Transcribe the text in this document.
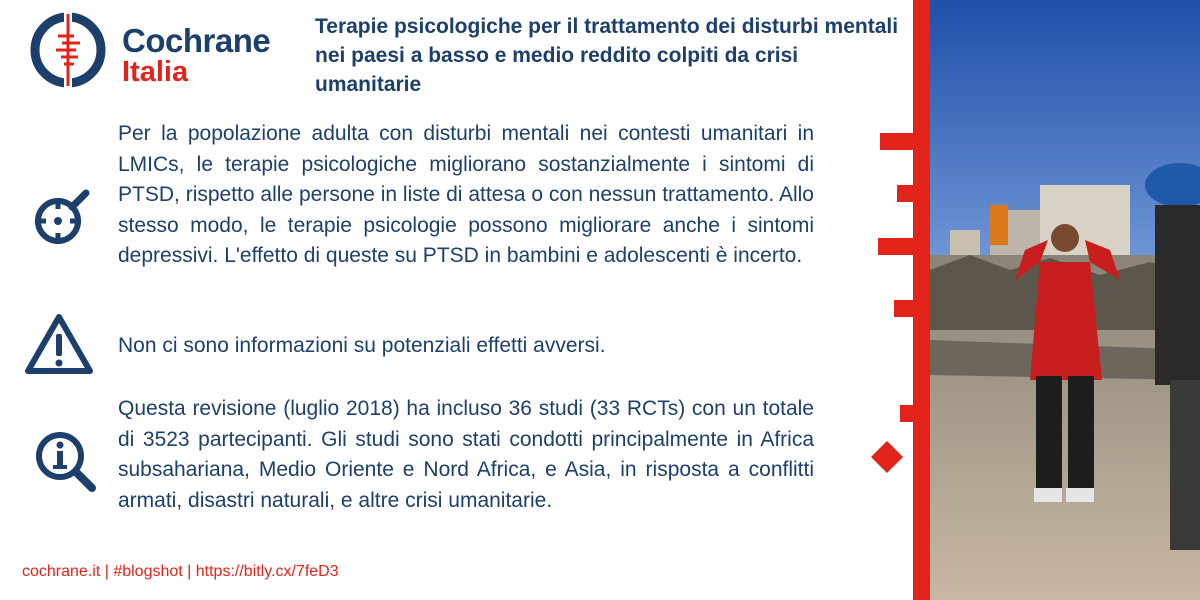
Cochrane
Italia
Terapie psicologiche per il trattamento dei disturbi mentali nei paesi a basso e medio reddito colpiti da crisi umanitarie
Per la popolazione adulta con disturbi mentali nei contesti umanitari in LMICs, le terapie psicologiche migliorano sostanzialmente i sintomi di PTSD, rispetto alle persone in liste di attesa o con nessun trattamento. Allo stesso modo, le terapie psicologie possono migliorare anche i sintomi depressivi. L'effetto di queste su PTSD in bambini e adolescenti è incerto.
Non ci sono informazioni su potenziali effetti avversi.
Questa revisione (luglio 2018) ha incluso 36 studi (33 RCTs) con un totale di 3523 partecipanti. Gli studi sono stati condotti principalmente in Africa subsahariana, Medio Oriente e Nord Africa, e Asia, in risposta a conflitti armati, disastri naturali, e altre crisi umanitarie.
cochrane.it | #blogshot | https://bitly.cx/7feD3
